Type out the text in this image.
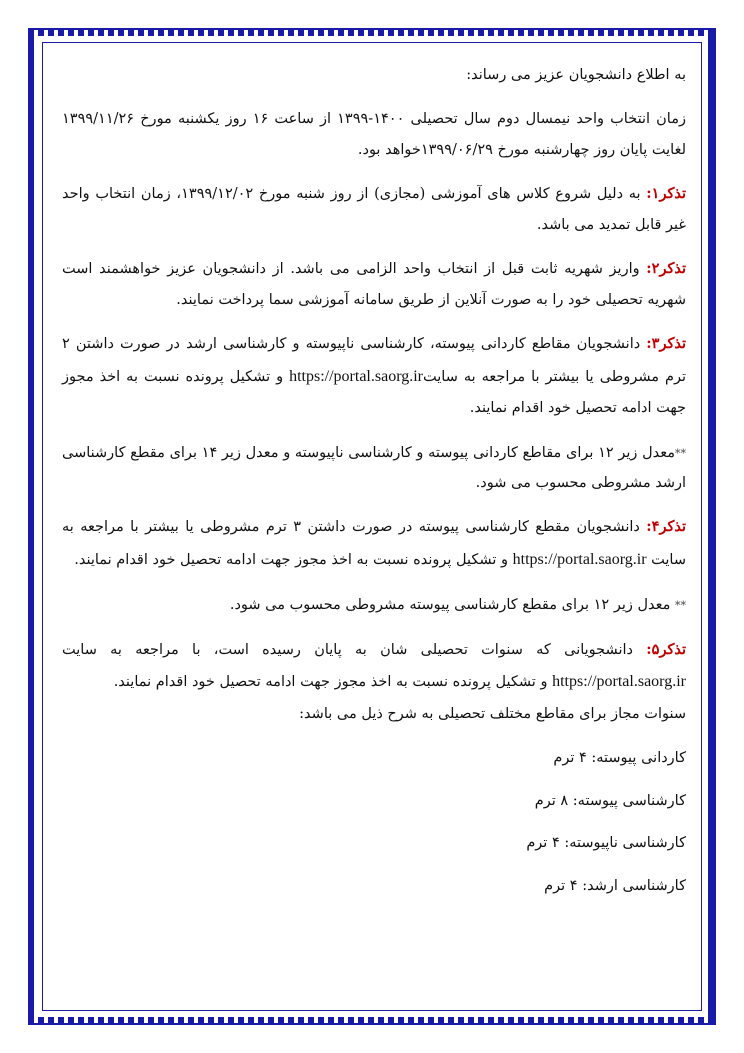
به اطلاع دانشجویان عزیز می رساند:

زمان انتخاب واحد نیمسال دوم سال تحصیلی ۱۴۰۰-۱۳۹۹ از ساعت ۱۶ روز یکشنبه مورخ ۱۳۹۹/۱۱/۲۶ لغایت پایان روز چهارشنبه مورخ ۱۳۹۹/۰۶/۲۹خواهد بود.

تذکر۱: به دلیل شروع کلاس های آموزشی (مجازی) از روز شنبه مورخ ۱۳۹۹/۱۲/۰۲، زمان انتخاب واحد غیر قابل تمدید می باشد.

تذکر۲: واریز شهریه ثابت قبل از انتخاب واحد الزامی می باشد. از دانشجویان عزیز خواهشمند است شهریه تحصیلی خود را به صورت آنلاین از طریق سامانه آموزشی سما پرداخت نمایند.

تذکر۳: دانشجویان مقاطع کاردانی پیوسته، کارشناسی ناپیوسته و کارشناسی ارشد در صورت داشتن ۲ ترم مشروطی یا بیشتر با مراجعه به سایتhttps://portal.saorg.ir و تشکیل پرونده نسبت به اخذ مجوز جهت ادامه تحصیل خود اقدام نمایند.

**معدل زیر ۱۲ برای مقاطع کاردانی پیوسته و کارشناسی ناپیوسته و معدل زیر ۱۴ برای مقطع کارشناسی ارشد مشروطی محسوب می شود.

تذکر۴: دانشجویان مقطع کارشناسی پیوسته در صورت داشتن ۳ ترم مشروطی یا بیشتر با مراجعه به سایت https://portal.saorg.ir و تشکیل پرونده نسبت به اخذ مجوز جهت ادامه تحصیل خود اقدام نمایند.

** معدل زیر ۱۲ برای مقطع کارشناسی پیوسته مشروطی محسوب می شود.

تذکر۵: دانشجویانی که سنوات تحصیلی شان به پایان رسیده است، با مراجعه به سایت https://portal.saorg.ir و تشکیل پرونده نسبت به اخذ مجوز جهت ادامه تحصیل خود اقدام نمایند.
سنوات مجاز برای مقاطع مختلف تحصیلی به شرح ذیل می باشد:

کاردانی پیوسته: ۴ ترم

کارشناسی پیوسته: ۸ ترم

کارشناسی ناپیوسته: ۴ ترم

کارشناسی ارشد: ۴ ترم
